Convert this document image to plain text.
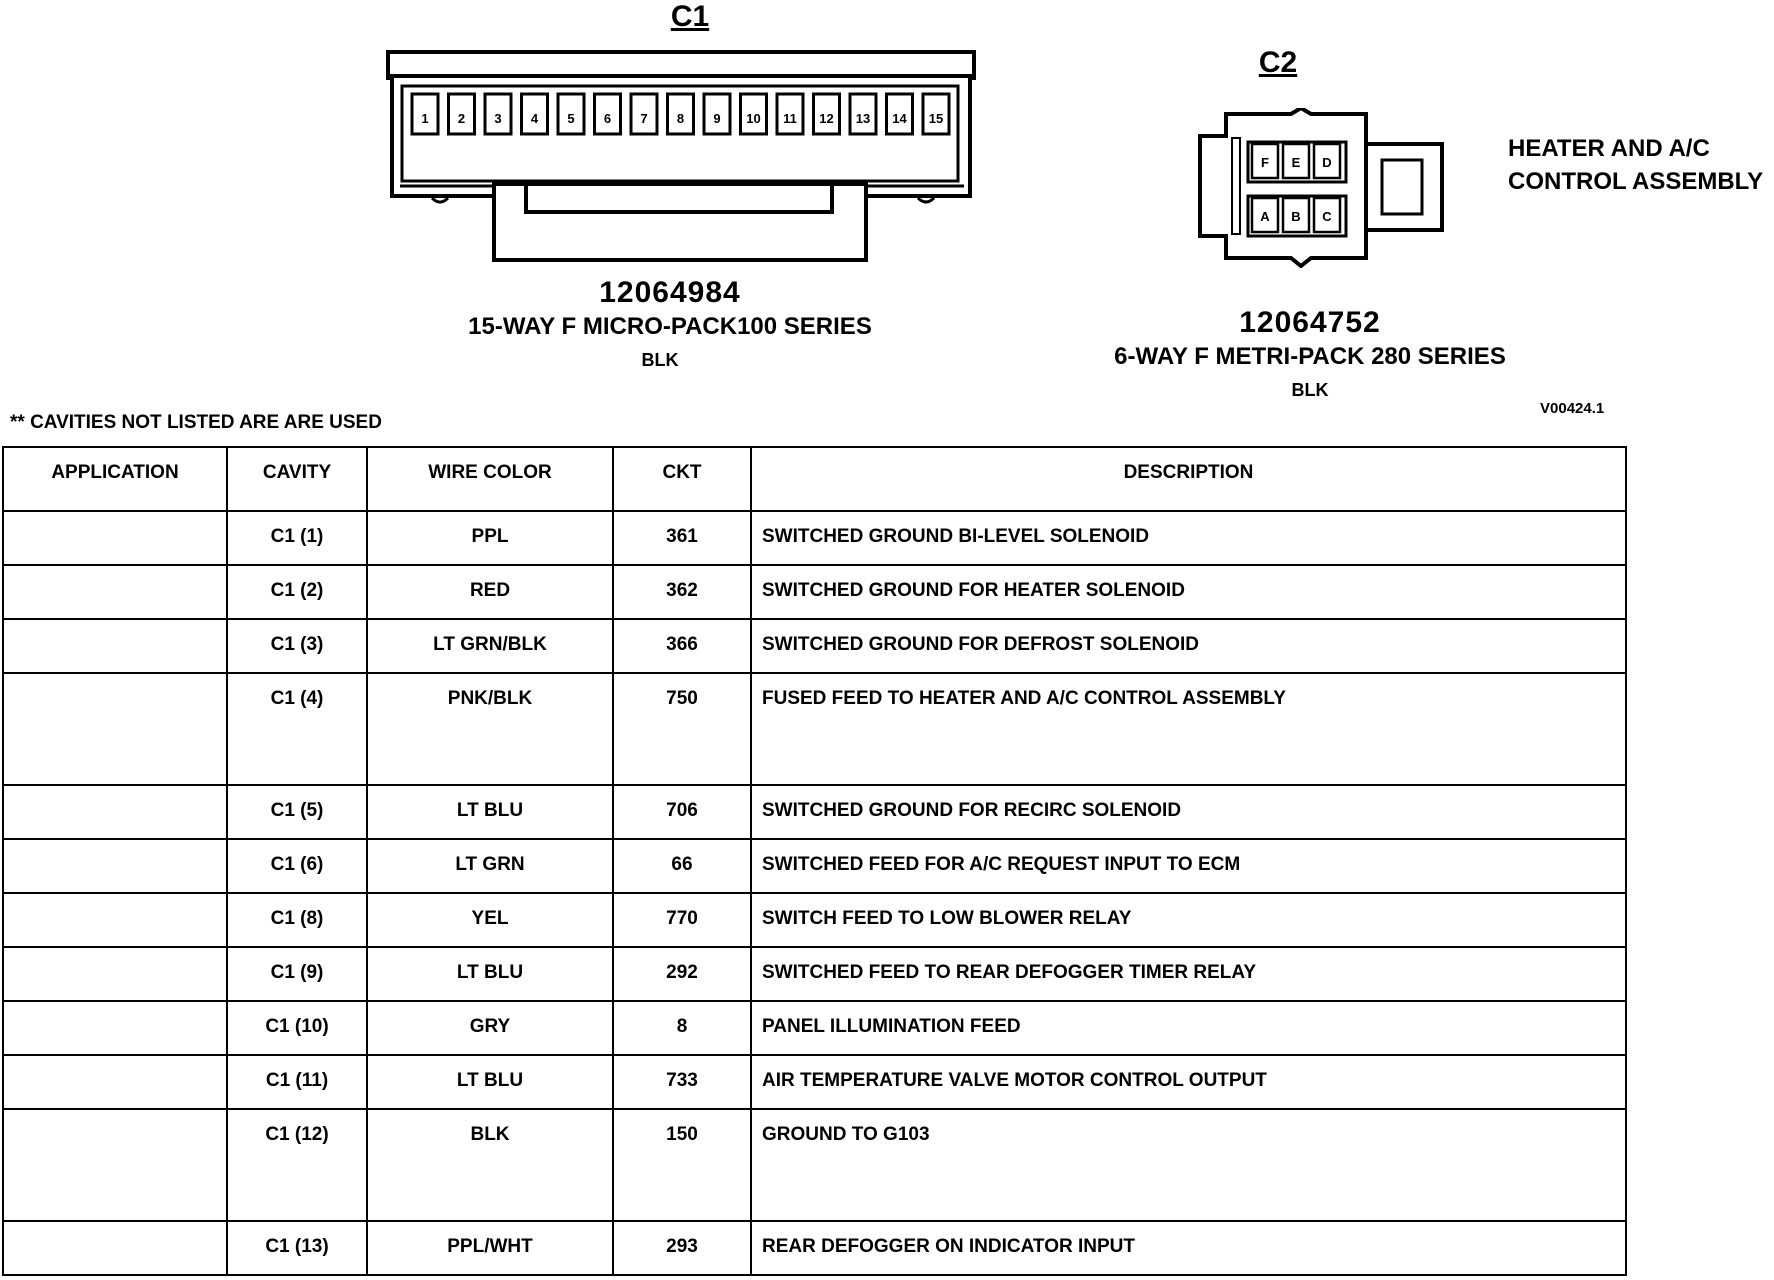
C1
1 2 3 4 5 6 7 8 9 10 11 12 13 14 15
12064984
15-WAY F MICRO-PACK100 SERIES
BLK
C2
F E D
A B C
HEATER AND A/C
CONTROL ASSEMBLY
12064752
6-WAY F METRI-PACK 280 SERIES
BLK
V00424.1
** CAVITIES NOT LISTED ARE ARE USED
APPLICATION	CAVITY	WIRE COLOR	CKT	DESCRIPTION
	C1 (1)	PPL	361	SWITCHED GROUND BI-LEVEL SOLENOID
	C1 (2)	RED	362	SWITCHED GROUND FOR HEATER SOLENOID
	C1 (3)	LT GRN/BLK	366	SWITCHED GROUND FOR DEFROST SOLENOID
	C1 (4)	PNK/BLK	750	FUSED FEED TO HEATER AND A/C CONTROL ASSEMBLY
	C1 (5)	LT BLU	706	SWITCHED GROUND FOR RECIRC SOLENOID
	C1 (6)	LT GRN	66	SWITCHED FEED FOR A/C REQUEST INPUT TO ECM
	C1 (8)	YEL	770	SWITCH FEED TO LOW BLOWER RELAY
	C1 (9)	LT BLU	292	SWITCHED FEED TO REAR DEFOGGER TIMER RELAY
	C1 (10)	GRY	8	PANEL ILLUMINATION FEED
	C1 (11)	LT BLU	733	AIR TEMPERATURE VALVE MOTOR CONTROL OUTPUT
	C1 (12)	BLK	150	GROUND TO G103
	C1 (13)	PPL/WHT	293	REAR DEFOGGER ON INDICATOR INPUT
